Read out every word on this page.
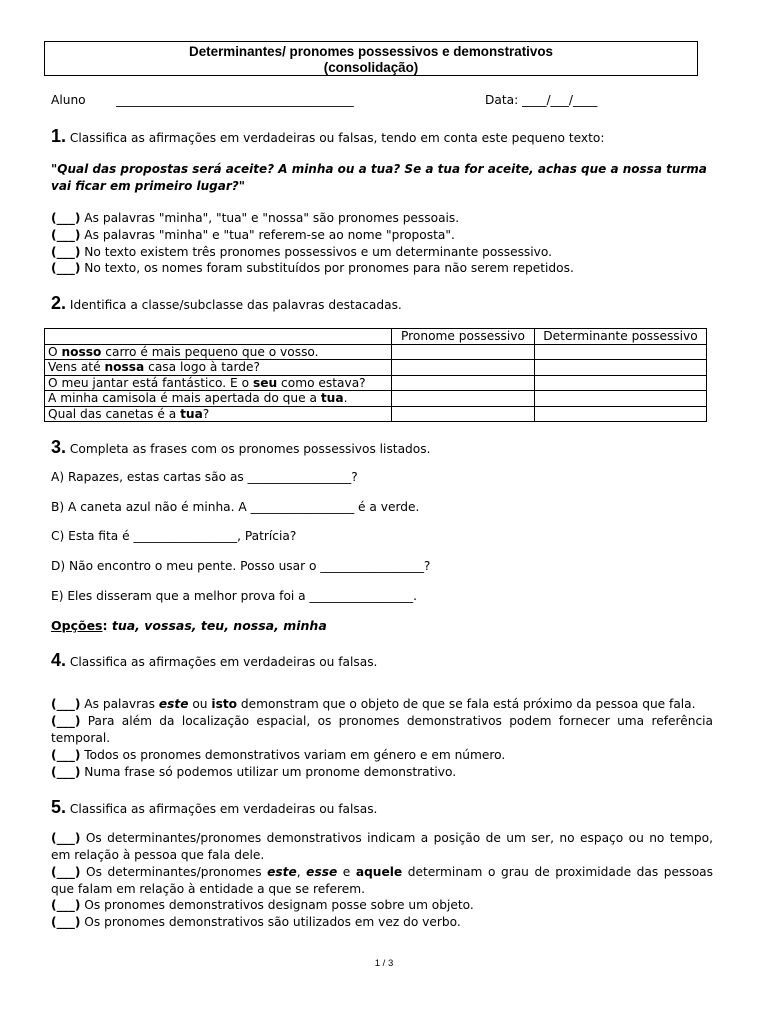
Determinantes/ pronomes possessivos e demonstrativos
(consolidação)
Aluno _______________________________________	Data: ____/___/____
1. Classifica as afirmações em verdadeiras ou falsas, tendo em conta este pequeno texto:
"Qual das propostas será aceite? A minha ou a tua? Se a tua for aceite, achas que a nossa turma vai ficar em primeiro lugar?"
(___) As palavras "minha", "tua" e "nossa" são pronomes pessoais.
(___) As palavras "minha" e "tua" referem-se ao nome "proposta".
(___) No texto existem três pronomes possessivos e um determinante possessivo.
(___) No texto, os nomes foram substituídos por pronomes para não serem repetidos.
2. Identifica a classe/subclasse das palavras destacadas.
	Pronome possessivo	Determinante possessivo
O nosso carro é mais pequeno que o vosso.		
Vens até nossa casa logo à tarde?		
O meu jantar está fantástico. E o seu como estava?		
A minha camisola é mais apertada do que a tua.		
Qual das canetas é a tua?		
3. Completa as frases com os pronomes possessivos listados.
A) Rapazes, estas cartas são as _________________?
B) A caneta azul não é minha. A _________________ é a verde.
C) Esta fita é _________________, Patrícia?
D) Não encontro o meu pente. Posso usar o _________________?
E) Eles disseram que a melhor prova foi a _________________.
Opções: tua, vossas, teu, nossa, minha
4. Classifica as afirmações em verdadeiras ou falsas.
(___) As palavras este ou isto demonstram que o objeto de que se fala está próximo da pessoa que fala.
(___) Para além da localização espacial, os pronomes demonstrativos podem fornecer uma referência temporal.
(___) Todos os pronomes demonstrativos variam em género e em número.
(___) Numa frase só podemos utilizar um pronome demonstrativo.
5. Classifica as afirmações em verdadeiras ou falsas.
(___) Os determinantes/pronomes demonstrativos indicam a posição de um ser, no espaço ou no tempo, em relação à pessoa que fala dele.
(___) Os determinantes/pronomes este, esse e aquele determinam o grau de proximidade das pessoas que falam em relação à entidade a que se referem.
(___) Os pronomes demonstrativos designam posse sobre um objeto.
(___) Os pronomes demonstrativos são utilizados em vez do verbo.
1 / 3
